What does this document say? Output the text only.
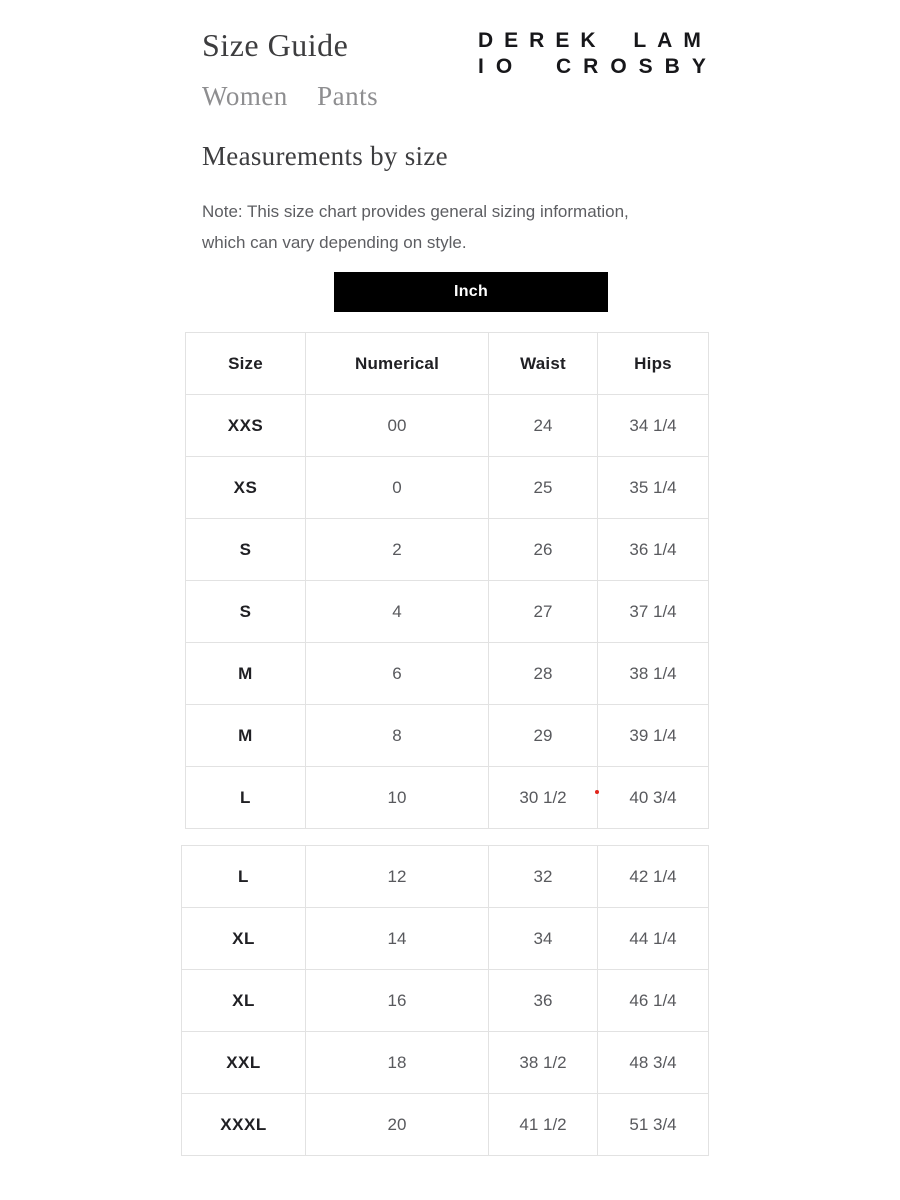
Size Guide
Women Pants
DEREK LAM
IO CROSBY
Measurements by size

Note: This size chart provides general sizing information,
which can vary depending on style.

Inch
Size	Numerical	Waist	Hips
XXS	00	24	34 1/4
XS	0	25	35 1/4
S	2	26	36 1/4
S	4	27	37 1/4
M	6	28	38 1/4
M	8	29	39 1/4
L	10	30 1/2	40 3/4
L	12	32	42 1/4
XL	14	34	44 1/4
XL	16	36	46 1/4
XXL	18	38 1/2	48 3/4
XXXL	20	41 1/2	51 3/4
